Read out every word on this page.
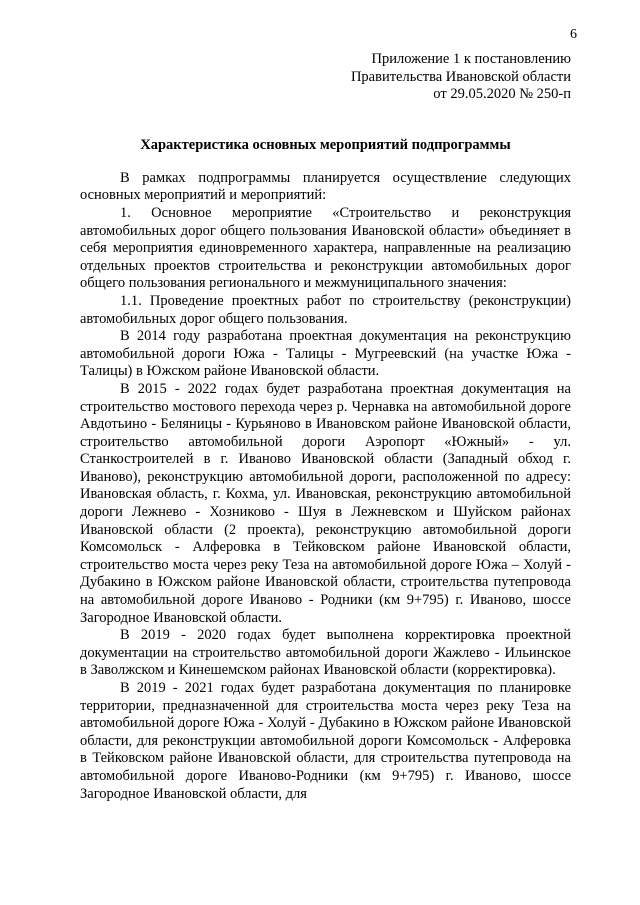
6
Приложение 1 к постановлению
Правительства Ивановской области
от 29.05.2020 № 250-п
Характеристика основных мероприятий подпрограммы

В рамках подпрограммы планируется осуществление следующих основных мероприятий и мероприятий:

1. Основное мероприятие «Строительство и реконструкция автомобильных дорог общего пользования Ивановской области» объединяет в себя мероприятия единовременного характера, направленные на реализацию отдельных проектов строительства и реконструкции автомобильных дорог общего пользования регионального и межмуниципального значения:

1.1. Проведение проектных работ по строительству (реконструкции) автомобильных дорог общего пользования.

В 2014 году разработана проектная документация на реконструкцию автомобильной дороги Южа - Талицы - Мугреевский (на участке Южа - Талицы) в Южском районе Ивановской области.

В 2015 - 2022 годах будет разработана проектная документация на строительство мостового перехода через р. Чернавка на автомобильной дороге Авдотьино - Беляницы - Курьяново в Ивановском районе Ивановской области, строительство автомобильной дороги Аэропорт «Южный» - ул. Станкостроителей в г. Иваново Ивановской области (Западный обход г. Иваново), реконструкцию автомобильной дороги, расположенной по адресу: Ивановская область, г. Кохма, ул. Ивановская, реконструкцию автомобильной дороги Лежнево - Хозниково - Шуя в Лежневском и Шуйском районах Ивановской области (2 проекта), реконструкцию автомобильной дороги Комсомольск - Алферовка в Тейковском районе Ивановской области, строительство моста через реку Теза на автомобильной дороге Южа – Холуй - Дубакино в Южском районе Ивановской области, строительства путепровода на автомобильной дороге Иваново - Родники (км 9+795) г. Иваново, шоссе Загородное Ивановской области.

В 2019 - 2020 годах будет выполнена корректировка проектной документации на строительство автомобильной дороги Жажлево - Ильинское в Заволжском и Кинешемском районах Ивановской области (корректировка).

В 2019 - 2021 годах будет разработана документация по планировке территории, предназначенной для строительства моста через реку Теза на автомобильной дороге Южа - Холуй - Дубакино в Южском районе Ивановской области, для реконструкции автомобильной дороги Комсомольск - Алферовка в Тейковском районе Ивановской области, для строительства путепровода на автомобильной дороге Иваново-Родники (км 9+795) г. Иваново, шоссе Загородное Ивановской области, для
